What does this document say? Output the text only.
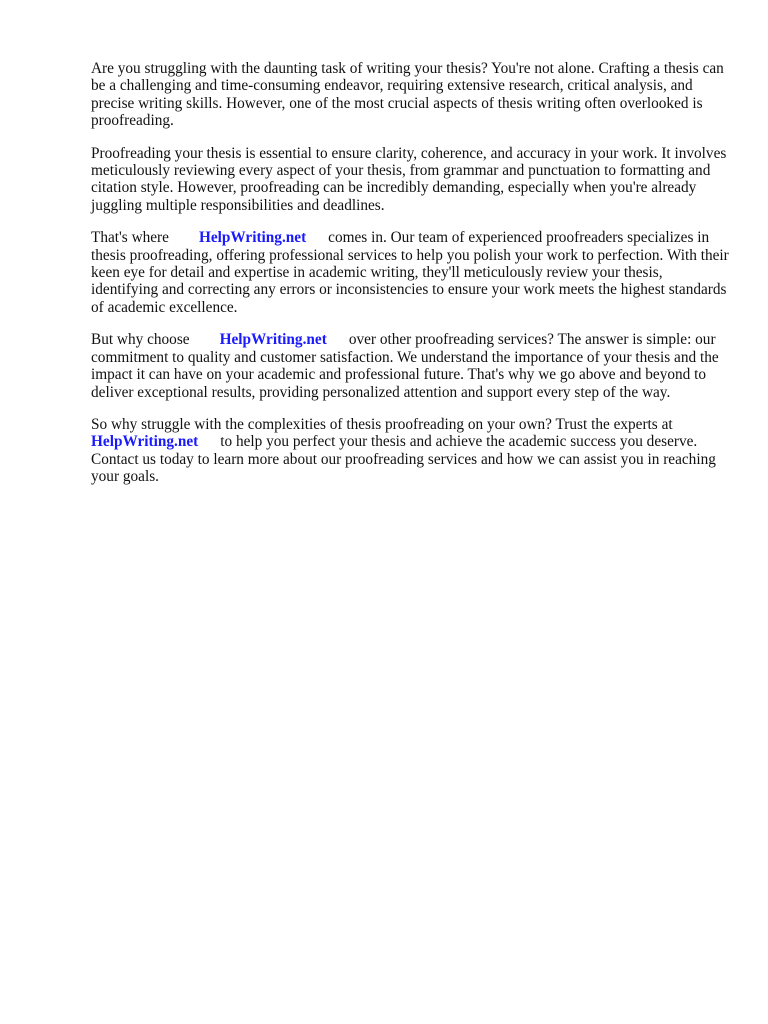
Are you struggling with the daunting task of writing your thesis? You're not alone. Crafting a thesis can be a challenging and time-consuming endeavor, requiring extensive research, critical analysis, and precise writing skills. However, one of the most crucial aspects of thesis writing often overlooked is proofreading.

Proofreading your thesis is essential to ensure clarity, coherence, and accuracy in your work. It involves meticulously reviewing every aspect of your thesis, from grammar and punctuation to formatting and citation style. However, proofreading can be incredibly demanding, especially when you're already juggling multiple responsibilities and deadlines.

That's where HelpWriting.net comes in. Our team of experienced proofreaders specializes in thesis proofreading, offering professional services to help you polish your work to perfection. With their keen eye for detail and expertise in academic writing, they'll meticulously review your thesis, identifying and correcting any errors or inconsistencies to ensure your work meets the highest standards of academic excellence.

But why choose HelpWriting.net over other proofreading services? The answer is simple: our commitment to quality and customer satisfaction. We understand the importance of your thesis and the impact it can have on your academic and professional future. That's why we go above and beyond to deliver exceptional results, providing personalized attention and support every step of the way.

So why struggle with the complexities of thesis proofreading on your own? Trust the experts at HelpWriting.net to help you perfect your thesis and achieve the academic success you deserve. Contact us today to learn more about our proofreading services and how we can assist you in reaching your goals.
